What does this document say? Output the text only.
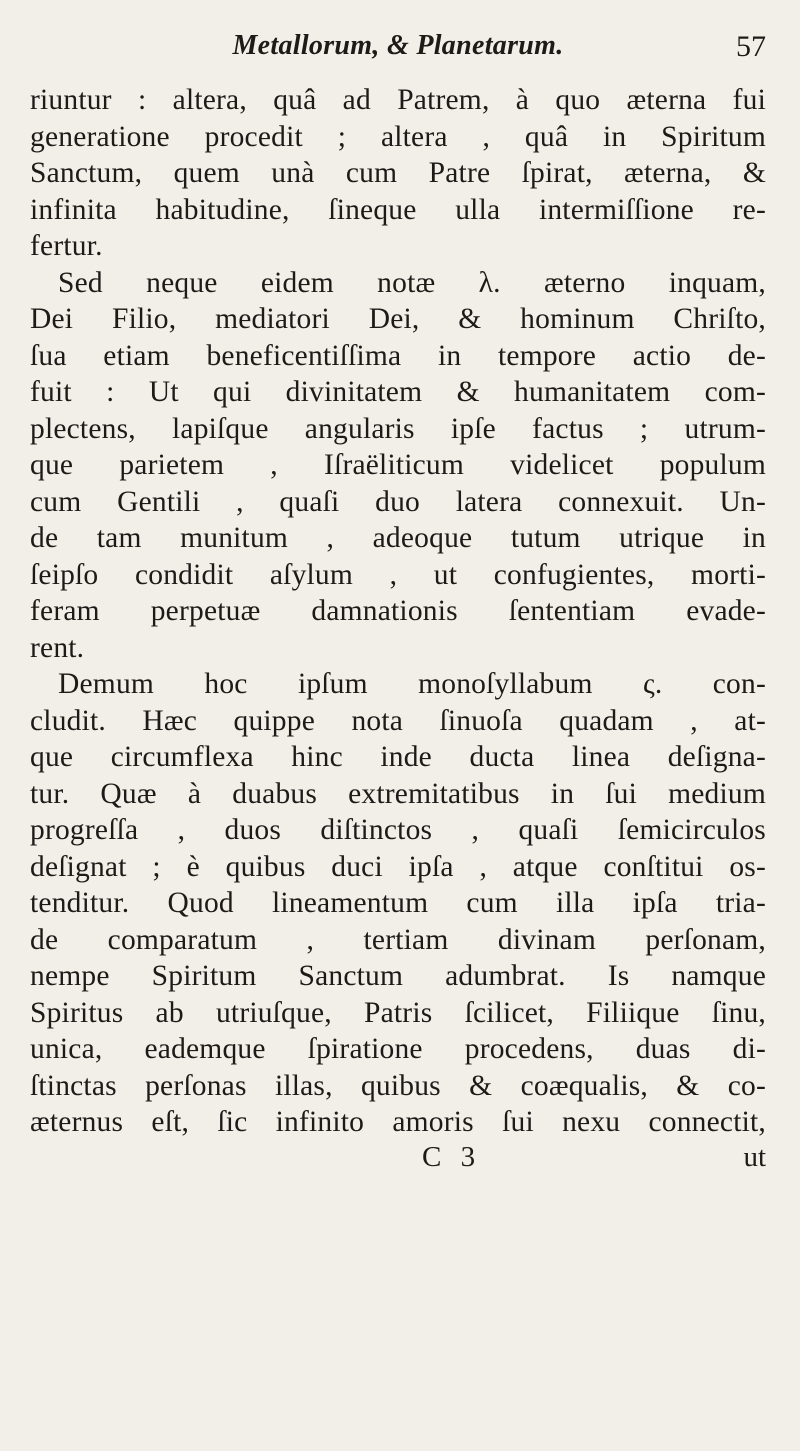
Metallorum, & Planetarum.	57
riuntur : altera, quâ ad Patrem, à quo æterna fui
generatione procedit ; altera , quâ in Spiritum
Sanctum, quem unà cum Patre ſpirat, æterna, &
infinita habitudine, ſineque ulla intermiſſione re-
fertur.
Sed neque eidem notæ λ. æterno inquam,
Dei Filio, mediatori Dei, & hominum Chriſto,
ſua etiam beneficentiſſima in tempore actio de-
fuit : Ut qui divinitatem & humanitatem com-
plectens, lapiſque angularis ipſe factus ; utrum-
que parietem , Iſraëliticum videlicet populum
cum Gentili , quaſi duo latera connexuit. Un-
de tam munitum , adeoque tutum utrique in
ſeipſo condidit aſylum , ut confugientes, morti-
feram perpetuæ damnationis ſententiam evade-
rent.
Demum hoc ipſum monoſyllabum ς. con-
cludit. Hæc quippe nota ſinuoſa quadam , at-
que circumflexa hinc inde ducta linea deſigna-
tur. Quæ à duabus extremitatibus in ſui medium
progreſſa , duos diſtinctos , quaſi ſemicirculos
deſignat ; è quibus duci ipſa , atque conſtitui os-
tenditur. Quod lineamentum cum illa ipſa tria-
de comparatum , tertiam divinam perſonam,
nempe Spiritum Sanctum adumbrat. Is namque
Spiritus ab utriuſque, Patris ſcilicet, Filiique ſinu,
unica, eademque ſpiratione procedens, duas di-
ſtinctas perſonas illas, quibus & coæqualis, & co-
æternus eſt, ſic infinito amoris ſui nexu connectit,
C 3	ut
